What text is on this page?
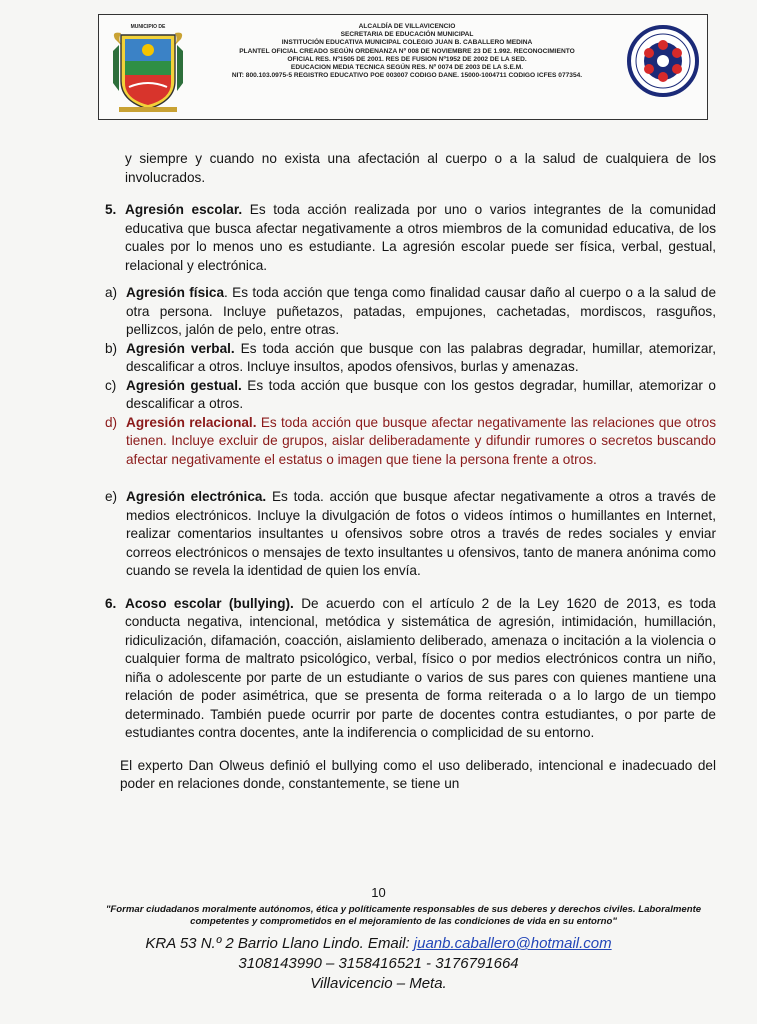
MUNICIPIO DE	ALCALDÍA DE VILLAVICENCIO
SECRETARIA DE EDUCACIÓN MUNICIPAL
INSTITUCIÓN EDUCATIVA MUNICIPAL COLEGIO JUAN B. CABALLERO MEDINA
PLANTEL OFICIAL CREADO SEGÚN ORDENANZA Nº 008 DE NOVIEMBRE 23 DE 1.992. RECONOCIMIENTO
OFICIAL RES. Nº1505 DE 2001. RES DE FUSION Nº1952 DE 2002 DE LA SED.
EDUCACION MEDIA TECNICA SEGÚN RES. Nº 0074 DE 2003 DE LA S.E.M.
NIT: 800.103.0975-5 REGISTRO EDUCATIVO POE 003007 CODIGO DANE. 15000-1004711 CODIGO ICFES 077354.

y siempre y cuando no exista una afectación al cuerpo o a la salud de cualquiera de los involucrados.

5. Agresión escolar. Es toda acción realizada por uno o varios integrantes de la comunidad educativa que busca afectar negativamente a otros miembros de la comunidad educativa, de los cuales por lo menos uno es estudiante. La agresión escolar puede ser física, verbal, gestual, relacional y electrónica.
a) Agresión física. Es toda acción que tenga como finalidad causar daño al cuerpo o a la salud de otra persona. Incluye puñetazos, patadas, empujones, cachetadas, mordiscos, rasguños, pellizcos, jalón de pelo, entre otras.
b) Agresión verbal. Es toda acción que busque con las palabras degradar, humillar, atemorizar, descalificar a otros. Incluye insultos, apodos ofensivos, burlas y amenazas.
c) Agresión gestual. Es toda acción que busque con los gestos degradar, humillar, atemorizar o descalificar a otros.
d) Agresión relacional. Es toda acción que busque afectar negativamente las relaciones que otros tienen. Incluye excluir de grupos, aislar deliberadamente y difundir rumores o secretos buscando afectar negativamente el estatus o imagen que tiene la persona frente a otros.
e) Agresión electrónica. Es toda. acción que busque afectar negativamente a otros a través de medios electrónicos. Incluye la divulgación de fotos o videos íntimos o humillantes en Internet, realizar comentarios insultantes u ofensivos sobre otros a través de redes sociales y enviar correos electrónicos o mensajes de texto insultantes u ofensivos, tanto de manera anónima como cuando se revela la identidad de quien los envía.
6. Acoso escolar (bullying). De acuerdo con el artículo 2 de la Ley 1620 de 2013, es toda conducta negativa, intencional, metódica y sistemática de agresión, intimidación, humillación, ridiculización, difamación, coacción, aislamiento deliberado, amenaza o incitación a la violencia o cualquier forma de maltrato psicológico, verbal, físico o por medios electrónicos contra un niño, niña o adolescente por parte de un estudiante o varios de sus pares con quienes mantiene una relación de poder asimétrica, que se presenta de forma reiterada o a lo largo de un tiempo determinado. También puede ocurrir por parte de docentes contra estudiantes, o por parte de estudiantes contra docentes, ante la indiferencia o complicidad de su entorno.

El experto Dan Olweus definió el bullying como el uso deliberado, intencional e inadecuado del poder en relaciones donde, constantemente, se tiene un

10
"Formar ciudadanos moralmente autónomos, ética y políticamente responsables de sus deberes y derechos civiles. Laboralmente
competentes y comprometidos en el mejoramiento de las condiciones de vida en su entorno"
KRA 53 N.º 2 Barrio Llano Lindo. Email: juanb.caballero@hotmail.com
3108143990 – 3158416521 - 3176791664
Villavicencio – Meta.
